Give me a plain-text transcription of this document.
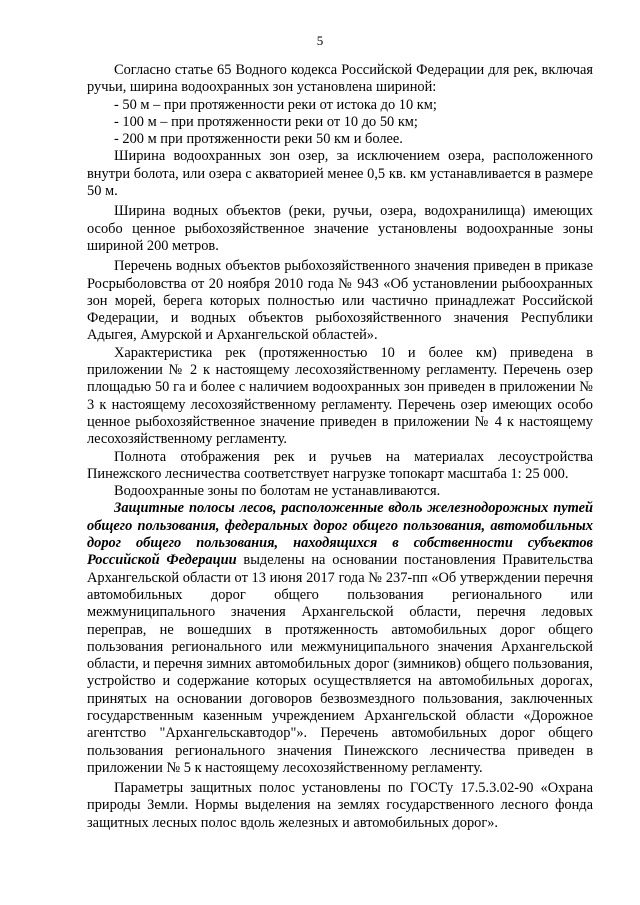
5

Согласно статье 65 Водного кодекса Российской Федерации для рек, включая ручьи, ширина водоохранных зон установлена шириной:

- 50 м – при протяженности реки от истока до 10 км;

- 100 м – при протяженности реки от 10 до 50 км;

- 200 м при протяженности реки 50 км и более.

Ширина водоохранных зон озер, за исключением озера, расположенного внутри болота, или озера с акваторией менее 0,5 кв. км устанавливается в размере 50 м.

Ширина водных объектов (реки, ручьи, озера, водохранилища) имеющих особо ценное рыбохозяйственное значение установлены водоохранные зоны шириной 200 метров.

Перечень водных объектов рыбохозяйственного значения приведен в приказе Росрыболовства от 20 ноября 2010 года № 943 «Об установлении рыбоохранных зон морей, берега которых полностью или частично принадлежат Российской Федерации, и водных объектов рыбохозяйственного значения Республики Адыгея, Амурской и Архангельской областей».

Характеристика рек (протяженностью 10 и более км) приведена в приложении № 2 к настоящему лесохозяйственному регламенту. Перечень озер площадью 50 га и более с наличием водоохранных зон приведен в приложении № 3 к настоящему лесохозяйственному регламенту. Перечень озер имеющих особо ценное рыбохозяйственное значение приведен в приложении № 4 к настоящему лесохозяйственному регламенту.

Полнота отображения рек и ручьев на материалах лесоустройства Пинежского лесничества соответствует нагрузке топокарт масштаба 1: 25 000.

Водоохранные зоны по болотам не устанавливаются.

Защитные полосы лесов, расположенные вдоль железнодорожных путей общего пользования, федеральных дорог общего пользования, автомобильных дорог общего пользования, находящихся в собственности субъектов Российской Федерации выделены на основании постановления Правительства Архангельской области от 13 июня 2017 года № 237-пп «Об утверждении перечня автомобильных дорог общего пользования регионального или межмуниципального значения Архангельской области, перечня ледовых переправ, не вошедших в протяженность автомобильных дорог общего пользования регионального или межмуниципального значения Архангельской области, и перечня зимних автомобильных дорог (зимников) общего пользования, устройство и содержание которых осуществляется на автомобильных дорогах, принятых на основании договоров безвозмездного пользования, заключенных государственным казенным учреждением Архангельской области «Дорожное агентство "Архангельскавтодор"». Перечень автомобильных дорог общего пользования регионального значения Пинежского лесничества приведен в приложении № 5 к настоящему лесохозяйственному регламенту.

Параметры защитных полос установлены по ГОСТу 17.5.3.02-90 «Охрана природы Земли. Нормы выделения на землях государственного лесного фонда защитных лесных полос вдоль железных и автомобильных дорог».
